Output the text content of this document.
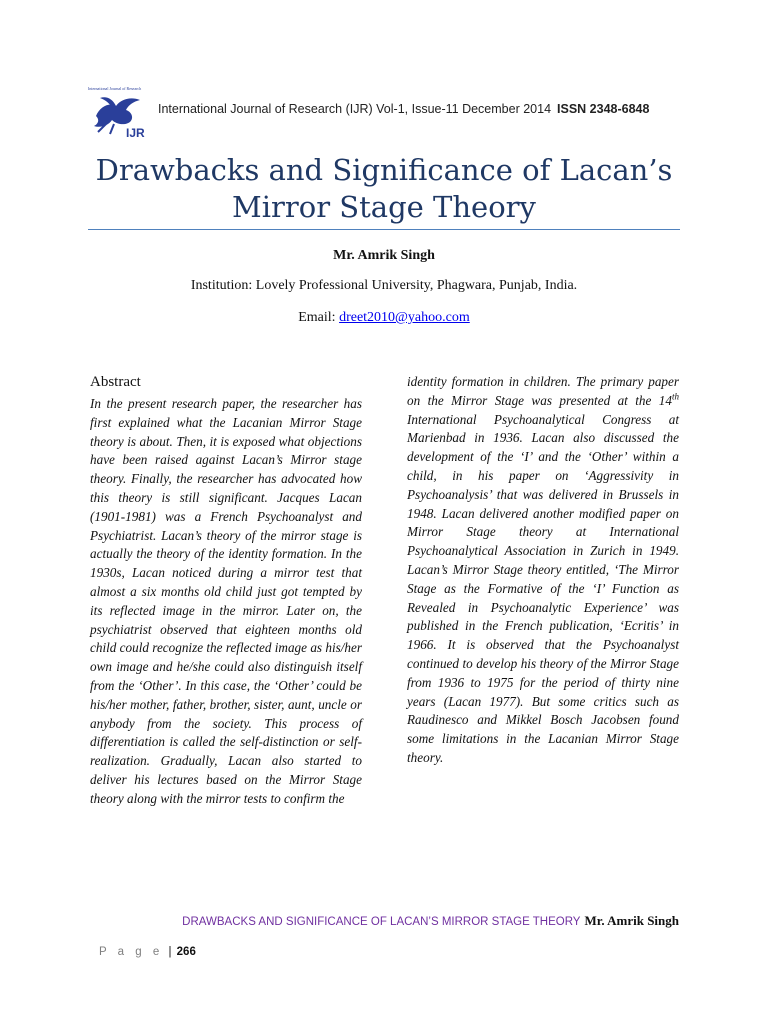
International Journal of Research
IJR
International Journal of Research (IJR) Vol-1, Issue-11 December 2014 ISSN 2348-6848
Drawbacks and Significance of Lacan’s
Mirror Stage Theory
Mr. Amrik Singh
Institution: Lovely Professional University, Phagwara, Punjab, India.
Email: dreet2010@yahoo.com
Abstract
In the present research paper, the researcher has first explained what the Lacanian Mirror Stage theory is about. Then, it is exposed what objections have been raised against Lacan’s Mirror stage theory. Finally, the researcher has advocated how this theory is still significant. Jacques Lacan (1901-1981) was a French Psychoanalyst and Psychiatrist. Lacan’s theory of the mirror stage is actually the theory of the identity formation. In the 1930s, Lacan noticed during a mirror test that almost a six months old child just got tempted by its reflected image in the mirror. Later on, the psychiatrist observed that eighteen months old child could recognize the reflected image as his/her own image and he/she could also distinguish itself from the ‘Other’. In this case, the ‘Other’ could be his/her mother, father, brother, sister, aunt, uncle or anybody from the society. This process of differentiation is called the self-distinction or self-realization. Gradually, Lacan also started to deliver his lectures based on the Mirror Stage theory along with the mirror tests to confirm the
identity formation in children. The primary paper on the Mirror Stage was presented at the 14th International Psychoanalytical Congress at Marienbad in 1936. Lacan also discussed the development of the ‘I’ and the ‘Other’ within a child, in his paper on ‘Aggressivity in Psychoanalysis’ that was delivered in Brussels in 1948. Lacan delivered another modified paper on Mirror Stage theory at International Psychoanalytical Association in Zurich in 1949. Lacan’s Mirror Stage theory entitled, ‘The Mirror Stage as the Formative of the ‘I’ Function as Revealed in Psychoanalytic Experience’ was published in the French publication, ‘Ecritis’ in 1966. It is observed that the Psychoanalyst continued to develop his theory of the Mirror Stage from 1936 to 1975 for the period of thirty nine years (Lacan 1977). But some critics such as Raudinesco and Mikkel Bosch Jacobsen found some limitations in the Lacanian Mirror Stage theory.
DRAWBACKS AND SIGNIFICANCE OF LACAN’S MIRROR STAGE THEORY Mr. Amrik Singh
P a g e | 266
